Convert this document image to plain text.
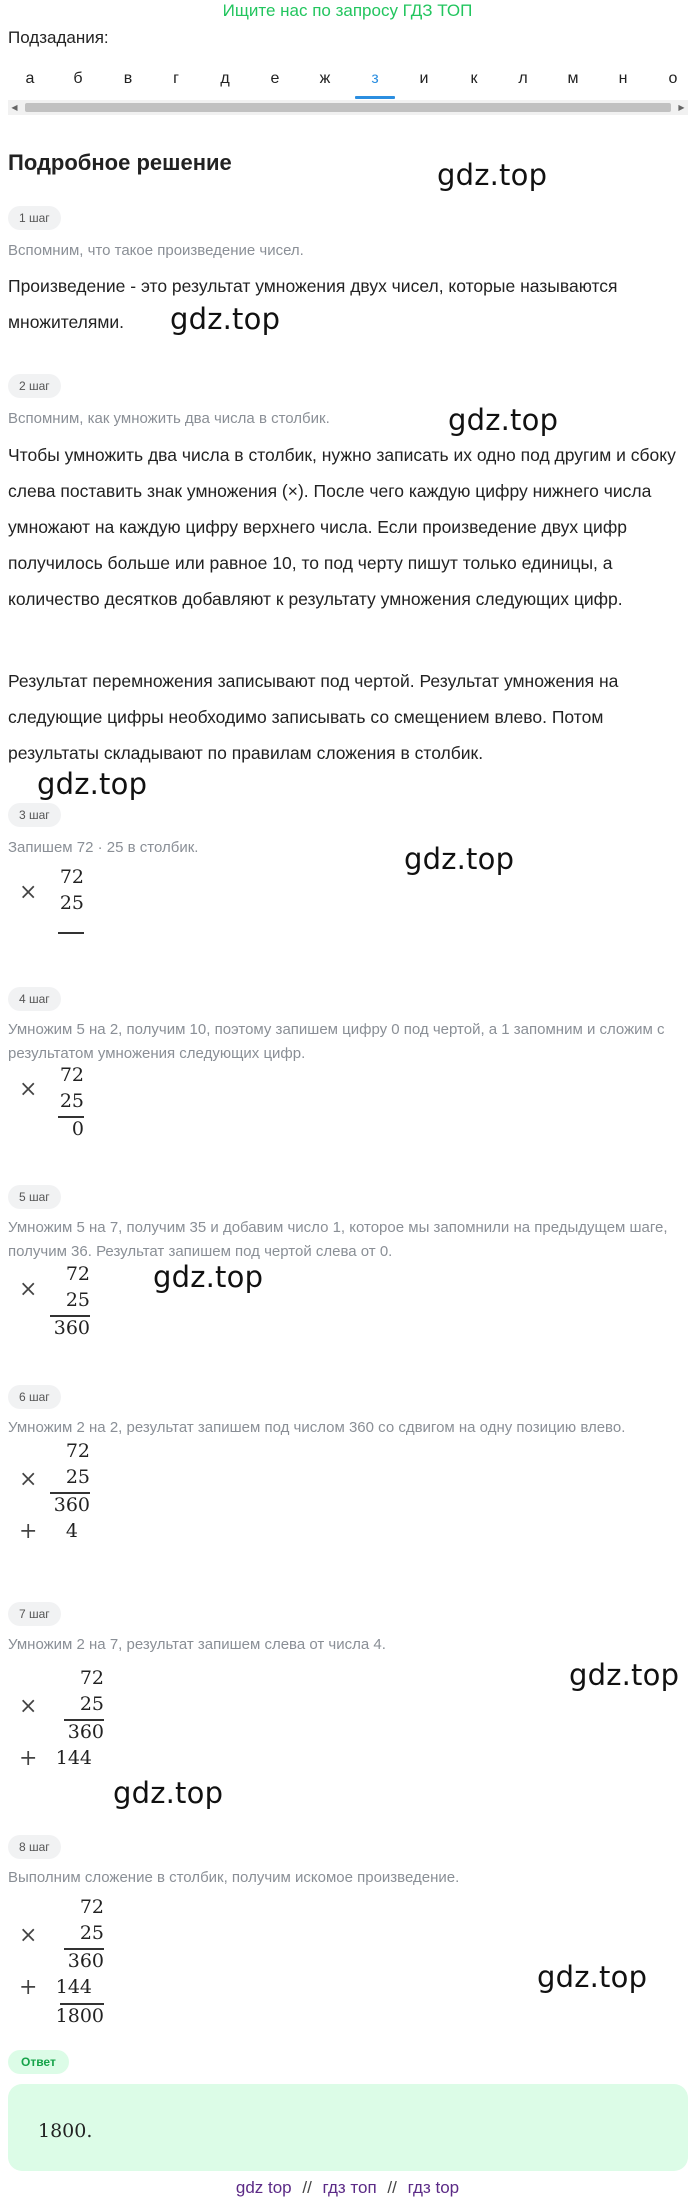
Ищите нас по запросу ГДЗ ТОП
Подзадания:
а	б	в	г	д	е	ж	з	и	к	л	м	н	о
◀	▶
Подробное решение	gdz.top
gdz.top
gdz.top
gdz.top
gdz.top
gdz.top
gdz.top
gdz.top
gdz.top
1 шаг
Вспомним, что такое произведение чисел.
Произведение - это результат умножения двух чисел, которые называются множителями.
2 шаг
Вспомним, как умножить два числа в столбик.
Чтобы умножить два числа в столбик, нужно записать их одно под другим и сбоку слева поставить знак умножения (×). После чего каждую цифру нижнего числа умножают на каждую цифру верхнего числа. Если произведение двух цифр получилось больше или равное 10, то под черту пишут только единицы, а количество десятков добавляют к результату умножения следующих цифр.
Результат перемножения записывают под чертой. Результат умножения на следующие цифры необходимо записывать со смещением влево. Потом результаты складывают по правилам сложения в столбик.
3 шаг
Запишем 72 · 25 в столбик.
×
72
25
4 шаг
Умножим 5 на 2, получим 10, поэтому запишем цифру 0 под чертой, а 1 запомним и сложим с результатом умножения следующих цифр.
×
72
25
0
5 шаг
Умножим 5 на 7, получим 35 и добавим число 1, которое мы запомнили на предыдущем шаге, получим 36. Результат запишем под чертой слева от 0.
×
72
25
360
6 шаг
Умножим 2 на 2, результат запишем под числом 360 со сдвигом на одну позицию влево.
×
+
72
25
360
4
7 шаг
Умножим 2 на 7, результат запишем слева от числа 4.
×
+
72
25
360
144
8 шаг
Выполним сложение в столбик, получим искомое произведение.
×
+
72
25
360
144
1800
Ответ
1800.
gdz top // гдз топ // гдз top
